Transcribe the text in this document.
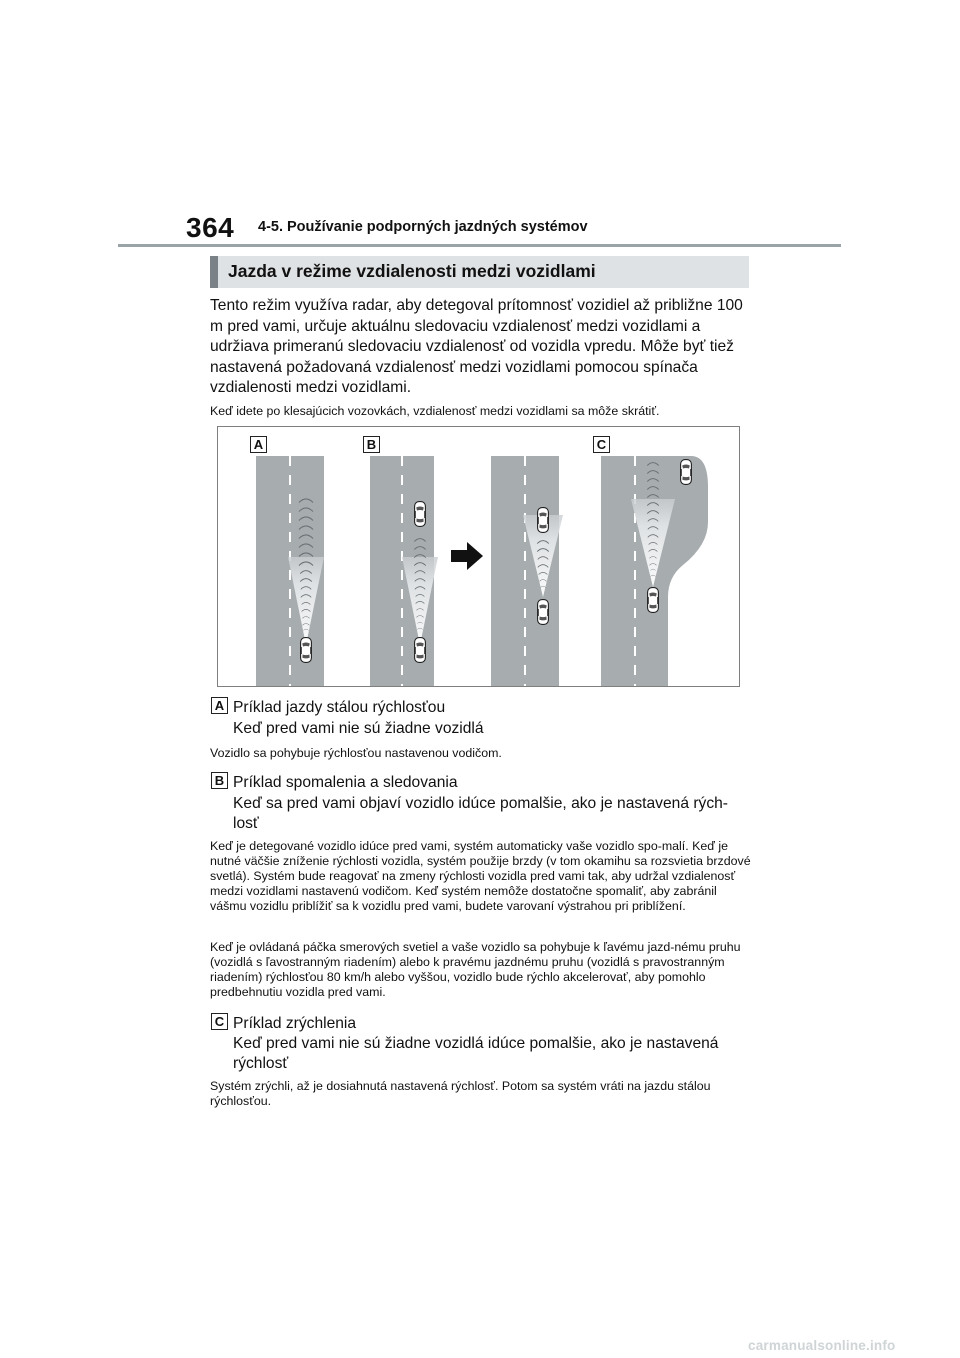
364 4-5. Používanie podporných jazdných systémov
Jazda v režime vzdialenosti medzi vozidlami

Tento režim využíva radar, aby detegoval prítomnosť vozidiel až približne 100 m pred vami, určuje aktuálnu sledovaciu vzdialenosť medzi vozidlami a udržiava primeranú sledovaciu vzdialenosť od vozidla vpredu. Môže byť tiež nastavená požadovaná vzdialenosť medzi vozidlami pomocou spínača vzdialenosti medzi vozidlami.

Keď idete po klesajúcich vozovkách, vzdialenosť medzi vozidlami sa môže skrátiť.

A	B	C
A Príklad jazdy stálou rýchlosťou

Keď pred vami nie sú žiadne vozidlá

Vozidlo sa pohybuje rýchlosťou nastavenou vodičom.

B Príklad spomalenia a sledovania

Keď sa pred vami objaví vozidlo idúce pomalšie, ako je nastavená rých-losť

Keď je detegované vozidlo idúce pred vami, systém automaticky vaše vozidlo spo-malí. Keď je nutné väčšie zníženie rýchlosti vozidla, systém použije brzdy (v tom okamihu sa rozsvietia brzdové svetlá). Systém bude reagovať na zmeny rýchlosti vozidla pred vami tak, aby udržal vzdialenosť medzi vozidlami nastavenú vodičom. Keď systém nemôže dostatočne spomaliť, aby zabránil vášmu vozidlu priblížiť sa k vozidlu pred vami, budete varovaní výstrahou pri priblížení.

Keď je ovládaná páčka smerových svetiel a vaše vozidlo sa pohybuje k ľavému jazd-nému pruhu (vozidlá s ľavostranným riadením) alebo k pravému jazdnému pruhu (vozidlá s pravostranným riadením) rýchlosťou 80 km/h alebo vyššou, vozidlo bude rýchlo akcelerovať, aby pomohlo predbehnutiu vozidla pred vami.

C Príklad zrýchlenia

Keď pred vami nie sú žiadne vozidlá idúce pomalšie, ako je nastavená rýchlosť

Systém zrýchli, až je dosiahnutá nastavená rýchlosť. Potom sa systém vráti na jazdu stálou rýchlosťou.

carmanualsonline.info
